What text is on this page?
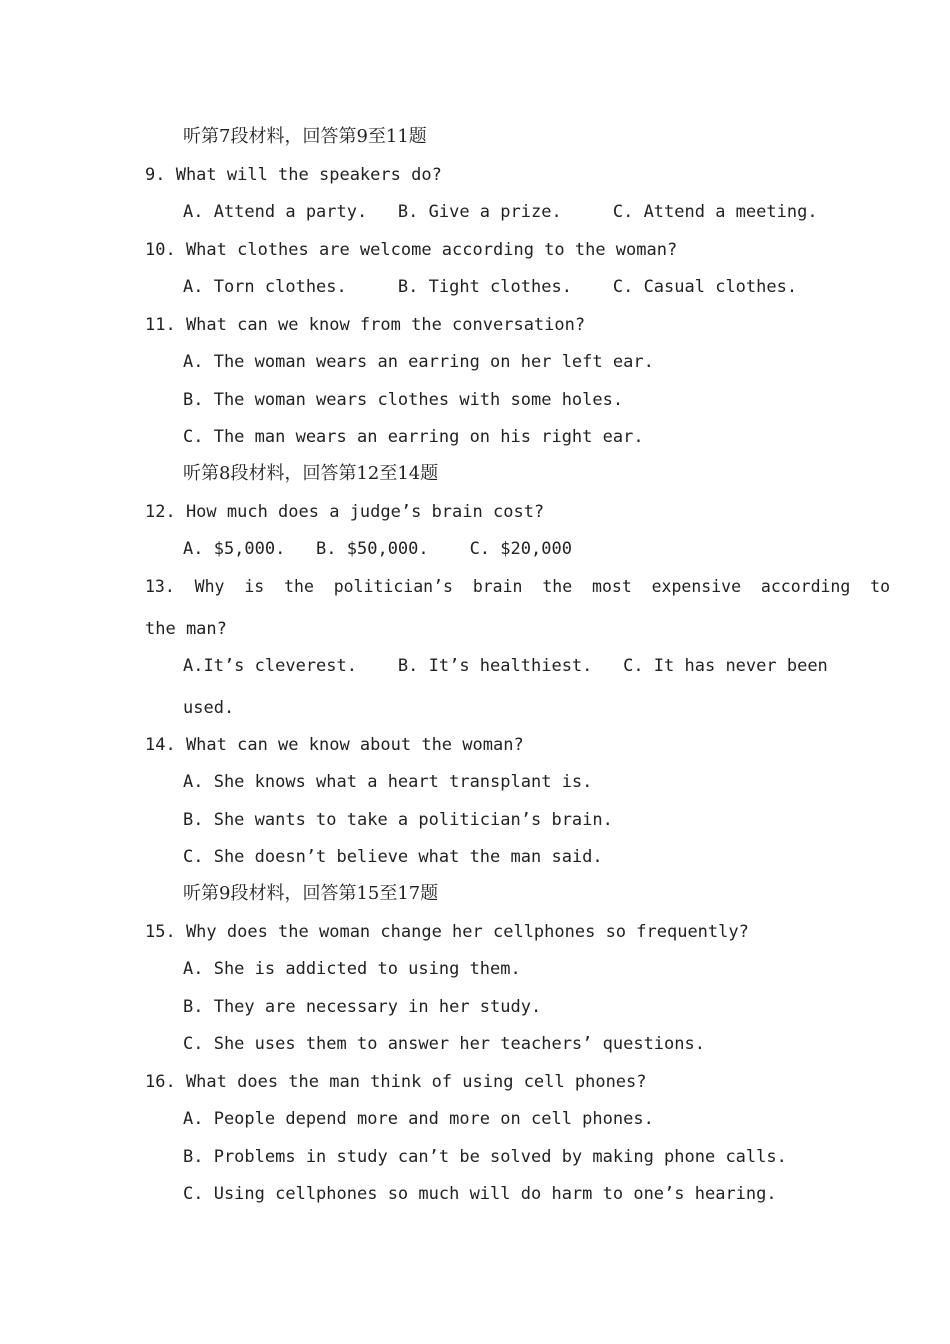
听第7段材料，回答第9至11题
9. What will the speakers do?
A. Attend a party.   B. Give a prize.     C. Attend a meeting.
10. What clothes are welcome according to the woman?
A. Torn clothes.     B. Tight clothes.    C. Casual clothes.
11. What can we know from the conversation?
A. The woman wears an earring on her left ear.
B. The woman wears clothes with some holes.
C. The man wears an earring on his right ear.
听第8段材料，回答第12至14题
12. How much does a judge’s brain cost?
A. $5,000.   B. $50,000.    C. $20,000
13.  Why  is  the  politician’s  brain  the  most  expensive  according  to
the man?
A.It’s cleverest.    B. It’s healthiest.   C. It has never been
used.
14. What can we know about the woman?
A. She knows what a heart transplant is.
B. She wants to take a politician’s brain.
C. She doesn’t believe what the man said.
听第9段材料，回答第15至17题
15. Why does the woman change her cellphones so frequently?
A. She is addicted to using them.
B. They are necessary in her study.
C. She uses them to answer her teachers’ questions.
16. What does the man think of using cell phones?
A. People depend more and more on cell phones.
B. Problems in study can’t be solved by making phone calls.
C. Using cellphones so much will do harm to one’s hearing.
